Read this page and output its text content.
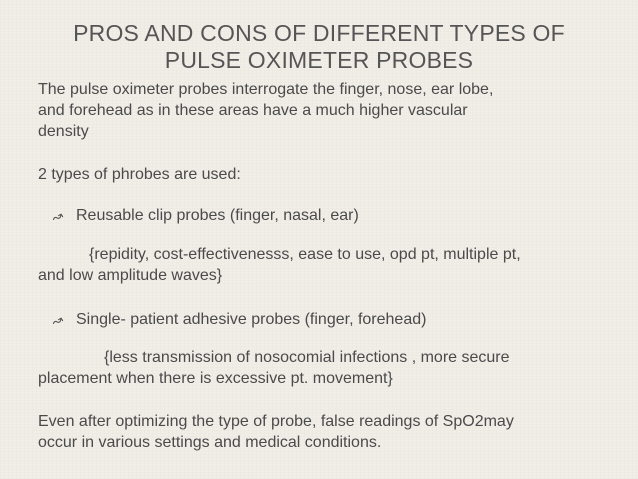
PROS AND CONS OF DIFFERENT TYPES OF
PULSE OXIMETER PROBES
The pulse oximeter probes interrogate the finger, nose, ear lobe,
and forehead as in these areas have a much higher vascular
density
2 types of phrobes are used:
↝ Reusable clip probes (finger, nasal, ear)
{repidity, cost-effectivenesss, ease to use, opd pt, multiple pt,
and low amplitude waves}
↝ Single- patient adhesive probes (finger, forehead)
{less transmission of nosocomial infections , more secure
placement when there is excessive pt. movement}
Even after optimizing the type of probe, false readings of SpO2may
occur in various settings and medical conditions.
